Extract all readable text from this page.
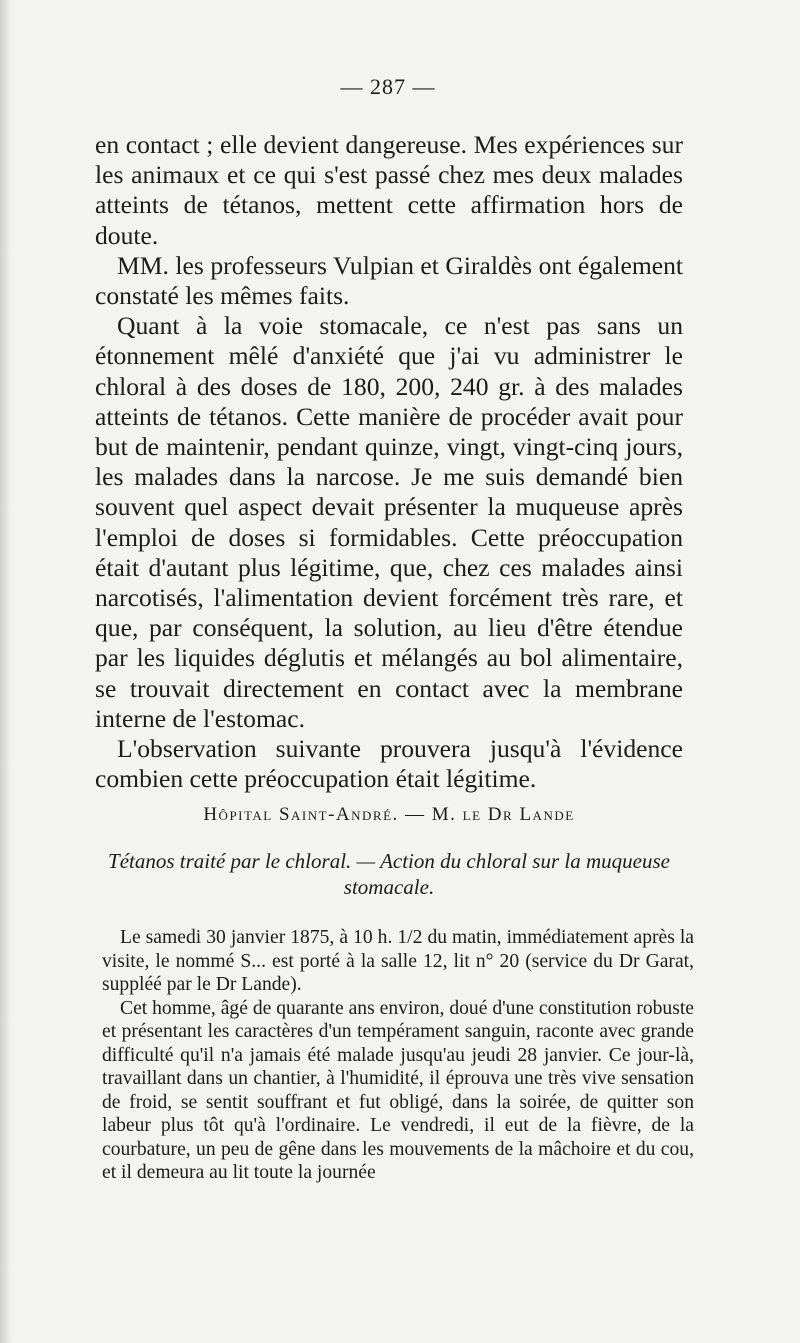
— 287 —

en contact ; elle devient dangereuse. Mes expériences sur les animaux et ce qui s'est passé chez mes deux malades atteints de tétanos, mettent cette affirmation hors de doute.

MM. les professeurs Vulpian et Giraldès ont également constaté les mêmes faits.

Quant à la voie stomacale, ce n'est pas sans un étonnement mêlé d'anxiété que j'ai vu administrer le chloral à des doses de 180, 200, 240 gr. à des malades atteints de tétanos. Cette manière de procéder avait pour but de maintenir, pendant quinze, vingt, vingt-cinq jours, les malades dans la narcose. Je me suis demandé bien souvent quel aspect devait présenter la muqueuse après l'emploi de doses si formidables. Cette préoccupation était d'autant plus légitime, que, chez ces malades ainsi narcotisés, l'alimentation devient forcément très rare, et que, par conséquent, la solution, au lieu d'être étendue par les liquides déglutis et mélangés au bol alimentaire, se trouvait directement en contact avec la membrane interne de l'estomac.

L'observation suivante prouvera jusqu'à l'évidence combien cette préoccupation était légitime.

Hôpital Saint-André. — M. le Dr Lande
Tétanos traité par le chloral. — Action du chloral sur la muqueuse stomacale.

Le samedi 30 janvier 1875, à 10 h. 1/2 du matin, immédiatement après la visite, le nommé S... est porté à la salle 12, lit n° 20 (service du Dr Garat, suppléé par le Dr Lande).

Cet homme, âgé de quarante ans environ, doué d'une constitution robuste et présentant les caractères d'un tempérament sanguin, raconte avec grande difficulté qu'il n'a jamais été malade jusqu'au jeudi 28 janvier. Ce jour-là, travaillant dans un chantier, à l'humidité, il éprouva une très vive sensation de froid, se sentit souffrant et fut obligé, dans la soirée, de quitter son labeur plus tôt qu'à l'ordinaire. Le vendredi, il eut de la fièvre, de la courbature, un peu de gêne dans les mouvements de la mâchoire et du cou, et il demeura au lit toute la journée
